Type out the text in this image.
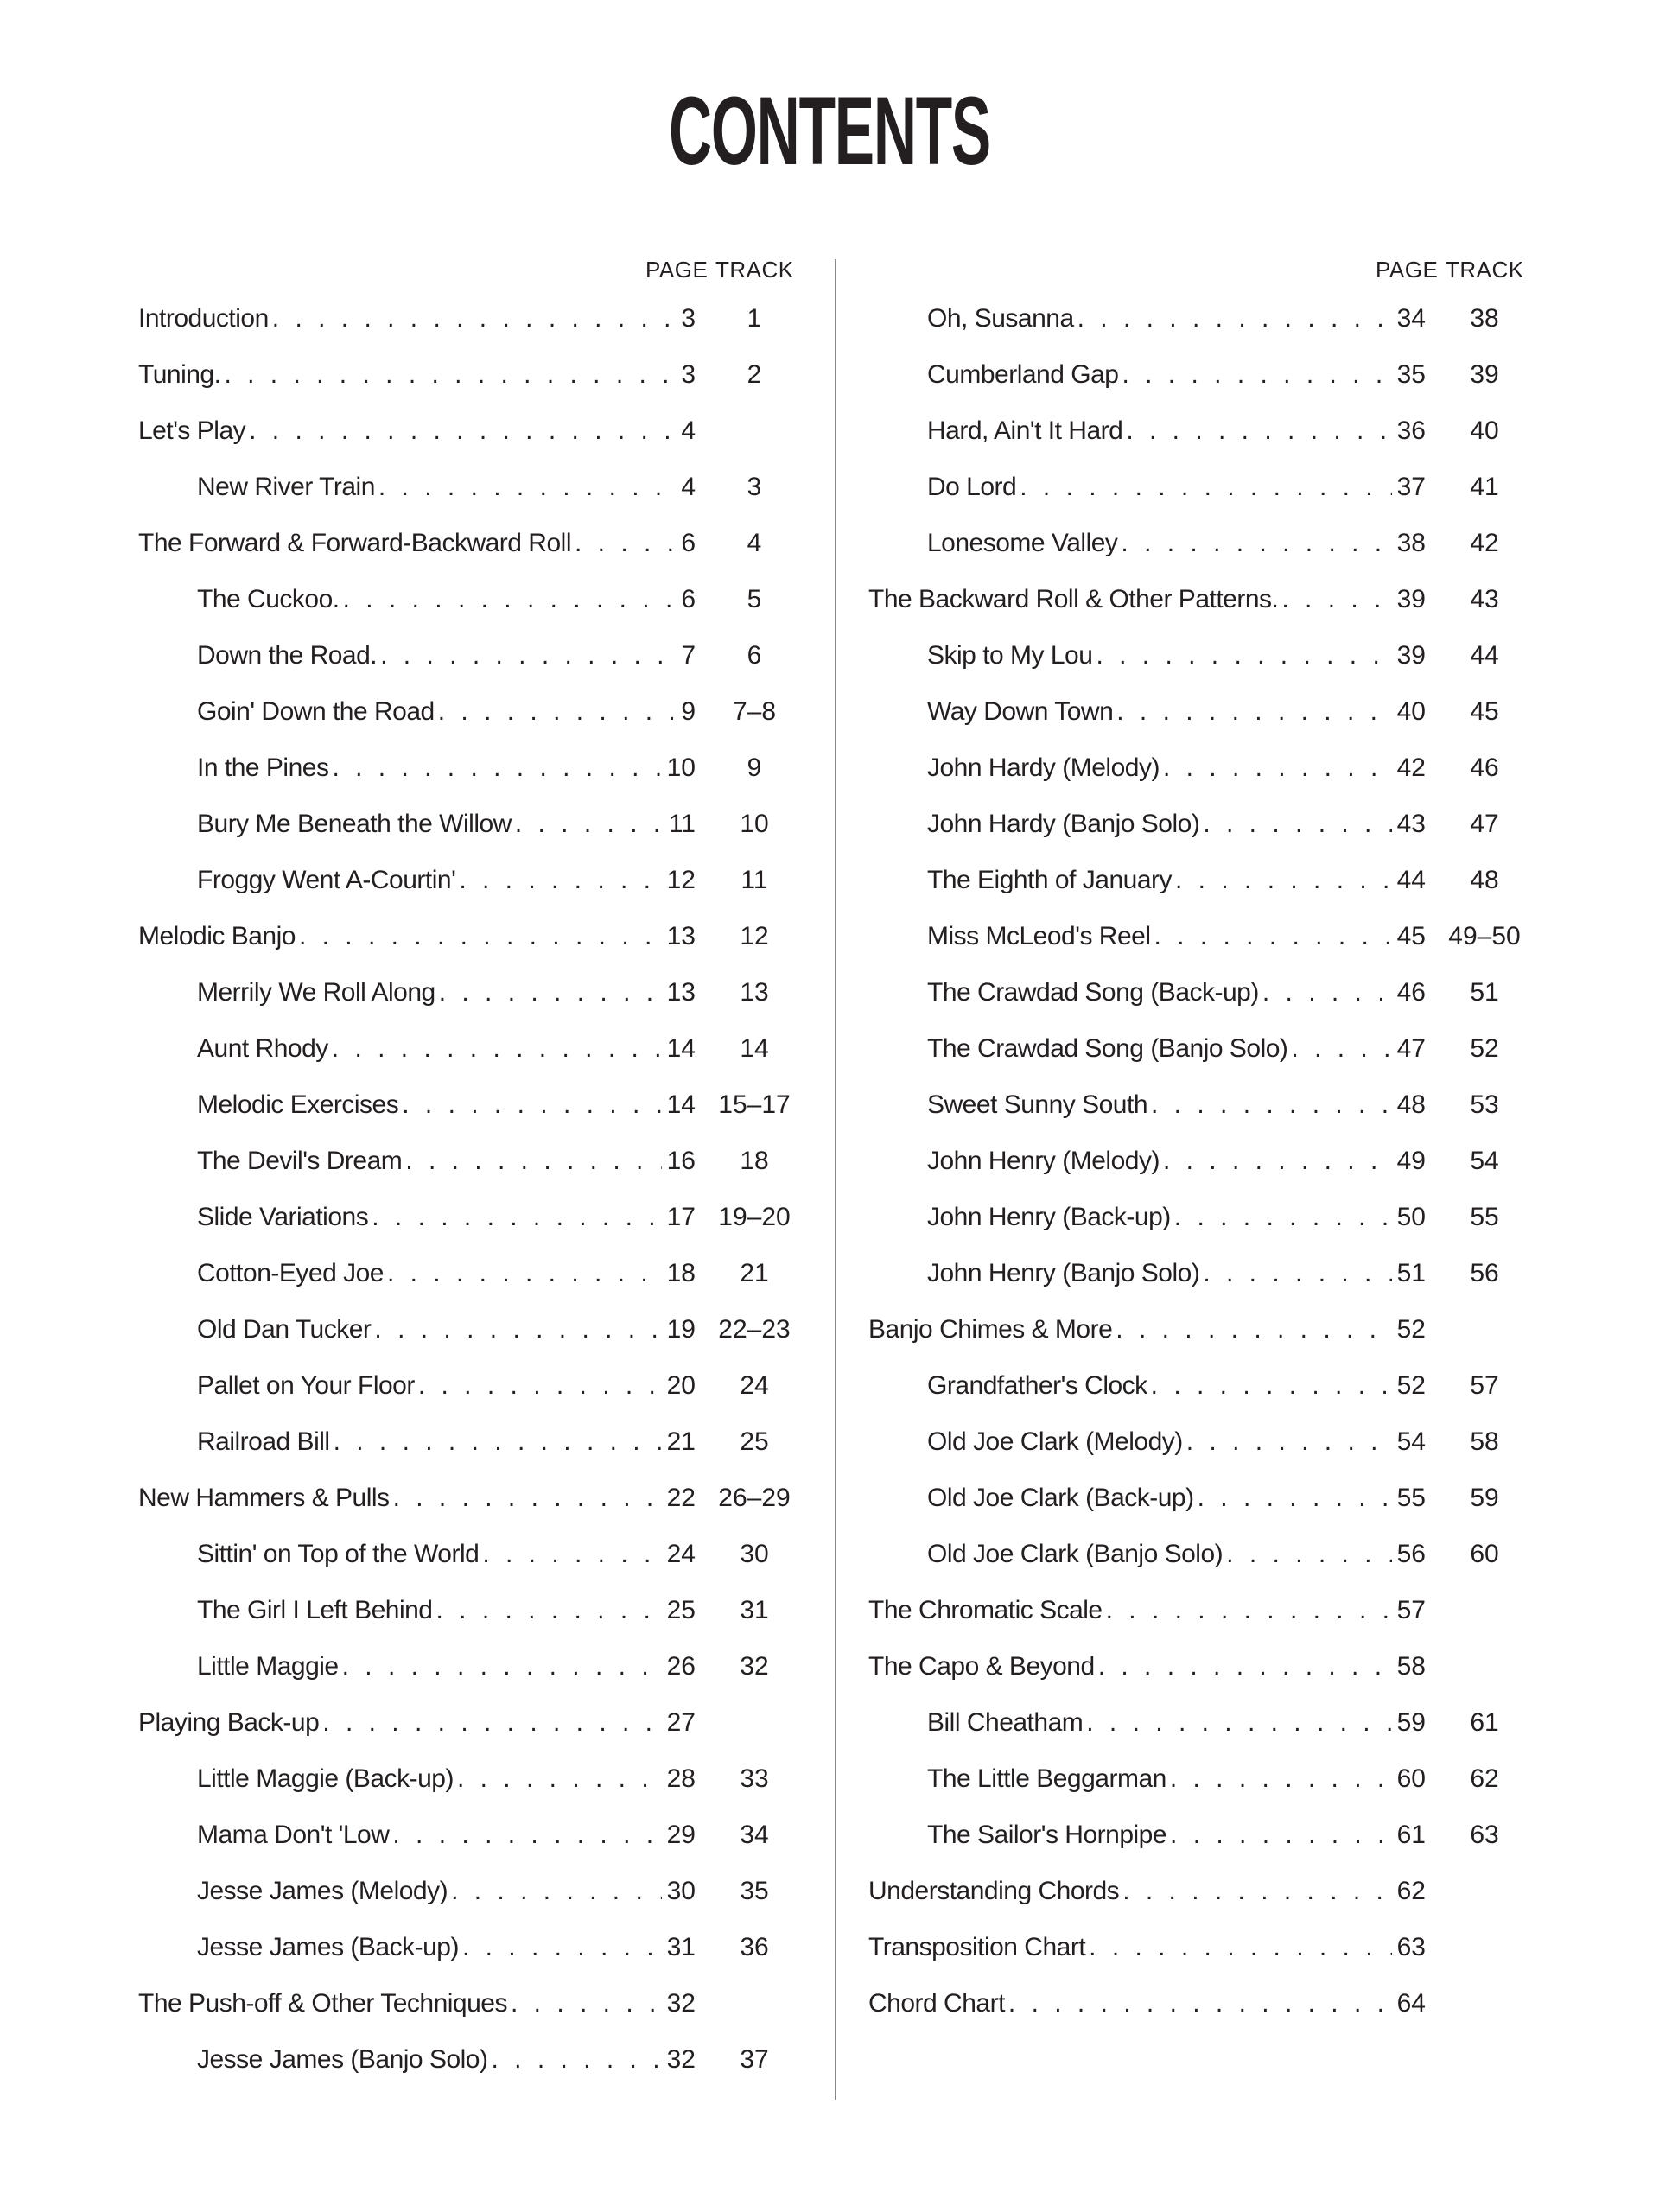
CONTENTS
PAGE TRACK
Introduction . . .	3	1
Tuning. . . .	3	2
Let's Play . . .	4
New River Train . . .	4	3
The Forward & Forward-Backward Roll . . .	6	4
The Cuckoo. . . .	6	5
Down the Road. . . .	7	6
Goin' Down the Road . . .	9	7–8
In the Pines . . .	10	9
Bury Me Beneath the Willow . . .	11	10
Froggy Went A-Courtin' . . .	12	11
Melodic Banjo . . .	13	12
Merrily We Roll Along . . .	13	13
Aunt Rhody . . .	14	14
Melodic Exercises . . .	14 15–17
The Devil's Dream . . .	16	18
Slide Variations . . .	17 19–20
Cotton-Eyed Joe . . .	18	21
Old Dan Tucker . . .	19 22–23
Pallet on Your Floor . . .	20	24
Railroad Bill . . .	21	25
New Hammers & Pulls . . .	22 26–29
Sittin' on Top of the World . . .	24	30
The Girl I Left Behind . . .	25	31
Little Maggie . . .	26	32
Playing Back-up . . .	27
Little Maggie (Back-up) . . .	28	33
Mama Don't 'Low . . .	29	34
Jesse James (Melody) . . .	30	35
Jesse James (Back-up) . . .	31	36
The Push-off & Other Techniques . . .	32
Jesse James (Banjo Solo) . . .	32	37
PAGE TRACK
Oh, Susanna . . .	34	38
Cumberland Gap . . .	35	39
Hard, Ain't It Hard . . .	36	40
Do Lord . . .	37	41
Lonesome Valley . . .	38	42
The Backward Roll & Other Patterns. . . .	39	43
Skip to My Lou . . .	39	44
Way Down Town . . .	40	45
John Hardy (Melody) . . .	42	46
John Hardy (Banjo Solo) . . .	43	47
The Eighth of January . . .	44	48
Miss McLeod's Reel . . .	45 49–50
The Crawdad Song (Back-up) . . .	46	51
The Crawdad Song (Banjo Solo) . . .	47	52
Sweet Sunny South . . .	48	53
John Henry (Melody) . . .	49	54
John Henry (Back-up) . . .	50	55
John Henry (Banjo Solo) . . .	51	56
Banjo Chimes & More . . .	52
Grandfather's Clock . . .	52	57
Old Joe Clark (Melody) . . .	54	58
Old Joe Clark (Back-up) . . .	55	59
Old Joe Clark (Banjo Solo) . . .	56	60
The Chromatic Scale . . .	57
The Capo & Beyond . . .	58
Bill Cheatham . . .	59	61
The Little Beggarman . . .	60	62
The Sailor's Hornpipe . . .	61	63
Understanding Chords . . .	62
Transposition Chart . . .	63
Chord Chart . . .	64
